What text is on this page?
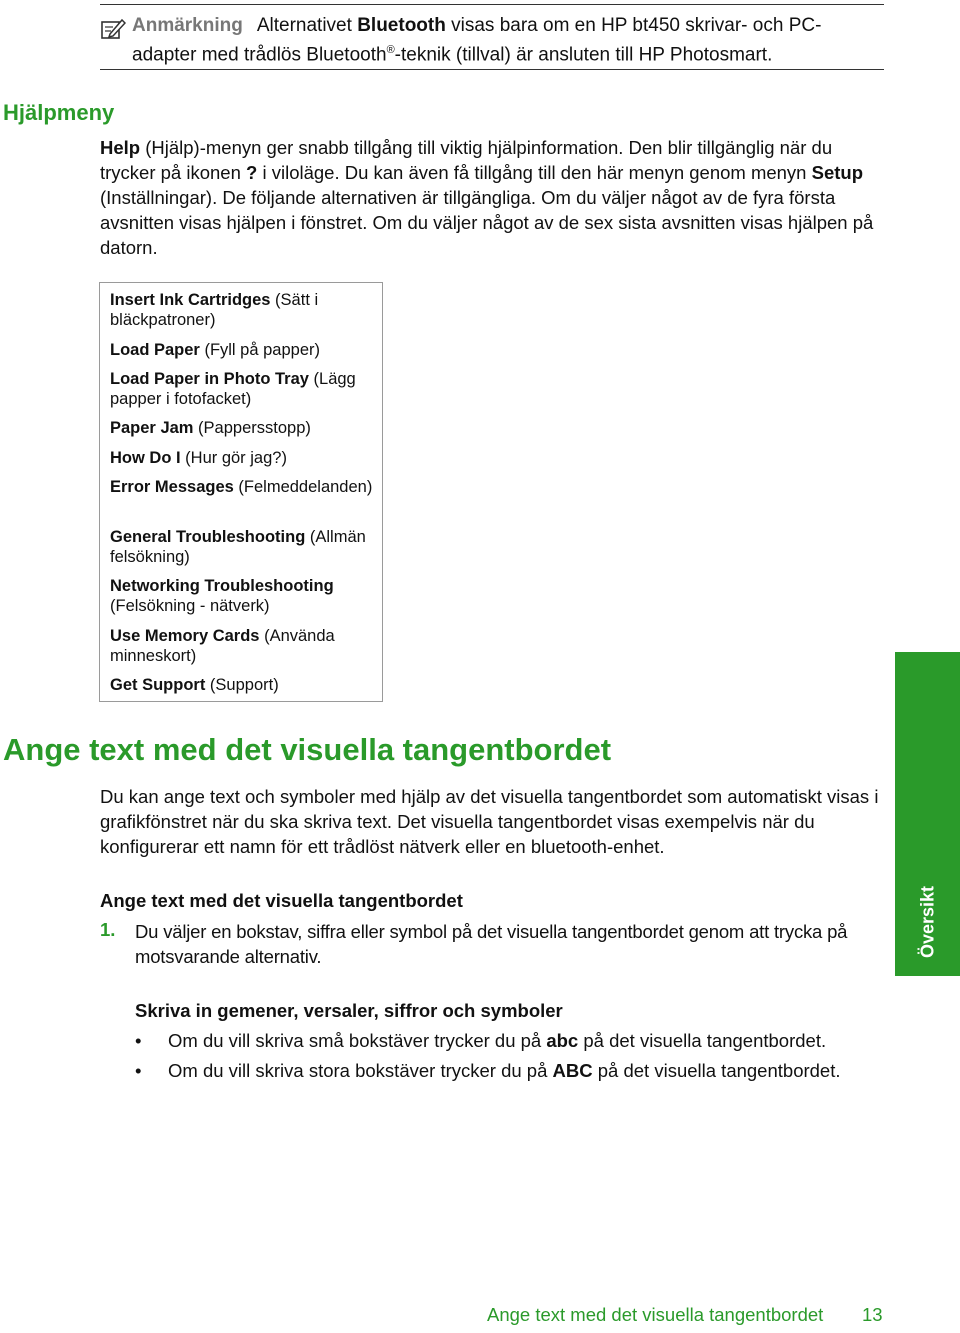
Anmärkning Alternativet Bluetooth visas bara om en HP bt450 skrivar- och PC-adapter med trådlös Bluetooth®-teknik (tillval) är ansluten till HP Photosmart.
Hjälpmeny
Help (Hjälp)-menyn ger snabb tillgång till viktig hjälpinformation. Den blir tillgänglig när du trycker på ikonen ? i viloläge. Du kan även få tillgång till den här menyn genom menyn Setup (Inställningar). De följande alternativen är tillgängliga. Om du väljer något av de fyra första avsnitten visas hjälpen i fönstret. Om du väljer något av de sex sista avsnitten visas hjälpen på datorn.
Insert Ink Cartridges (Sätt i bläckpatroner)
Load Paper (Fyll på papper)
Load Paper in Photo Tray (Lägg papper i fotofacket)
Paper Jam (Pappersstopp)
How Do I (Hur gör jag?)
Error Messages (Felmeddelanden)
General Troubleshooting (Allmän felsökning)
Networking Troubleshooting (Felsökning - nätverk)
Use Memory Cards (Använda minneskort)
Get Support (Support)
Ange text med det visuella tangentbordet
Du kan ange text och symboler med hjälp av det visuella tangentbordet som automatiskt visas i grafikfönstret när du ska skriva text. Det visuella tangentbordet visas exempelvis när du konfigurerar ett namn för ett trådlöst nätverk eller en bluetooth-enhet.
Ange text med det visuella tangentbordet
1. Du väljer en bokstav, siffra eller symbol på det visuella tangentbordet genom att trycka på motsvarande alternativ.
Skriva in gemener, versaler, siffror och symboler
• Om du vill skriva små bokstäver trycker du på abc på det visuella tangentbordet.
• Om du vill skriva stora bokstäver trycker du på ABC på det visuella tangentbordet.
Översikt
Ange text med det visuella tangentbordet 13
